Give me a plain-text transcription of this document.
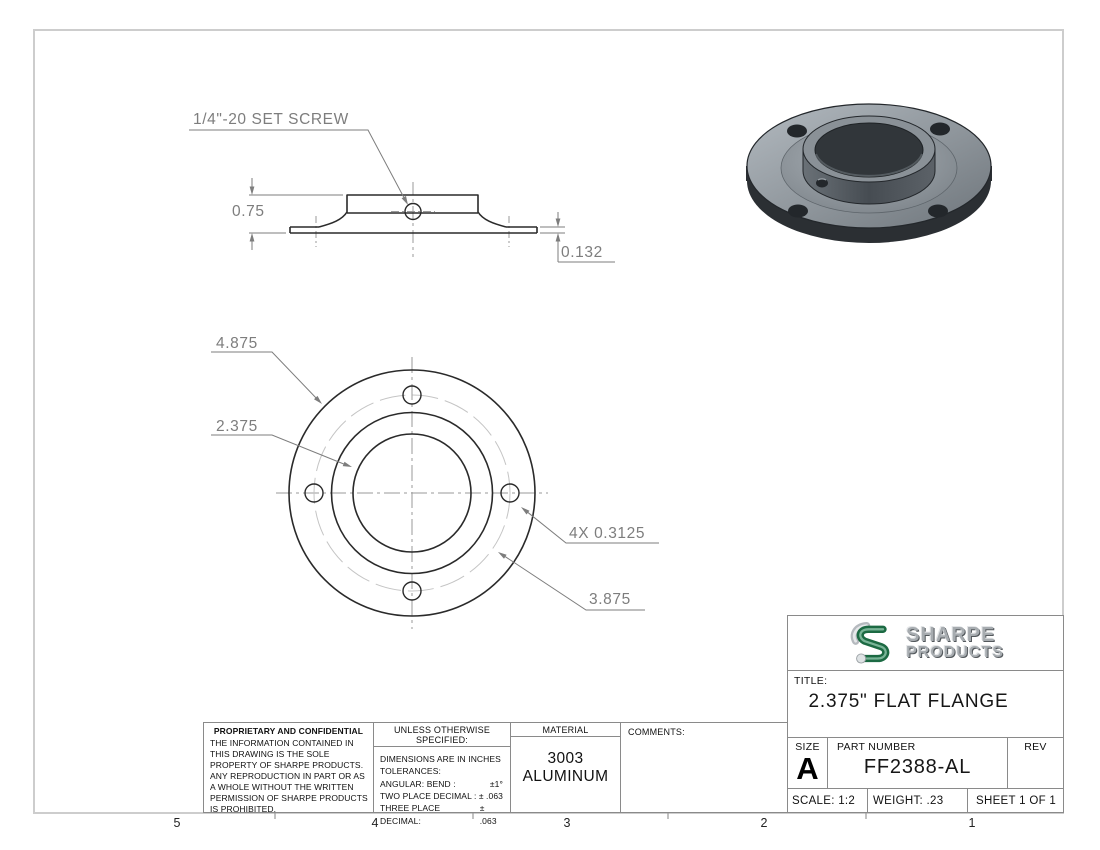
1/4"-20 SET SCREW
0.75
0.132
4.875
2.375
4X 0.3125
3.875
5	4	3	2	1
PROPRIETARY AND CONFIDENTIAL
THE INFORMATION CONTAINED IN THIS DRAWING IS THE SOLE PROPERTY OF SHARPE PRODUCTS. ANY REPRODUCTION IN PART OR AS A WHOLE WITHOUT THE WRITTEN PERMISSION OF SHARPE PRODUCTS IS PROHIBITED.
UNLESS OTHERWISE SPECIFIED:
DIMENSIONS ARE IN INCHES
TOLERANCES:
ANGULAR: BEND :	±1°
TWO PLACE DECIMAL : ± .063
THREE PLACE DECIMAL:
± .063
MATERIAL
3003
ALUMINUM
COMMENTS:
SHARPE
PRODUCTS
TITLE:
2.375" FLAT FLANGE
SIZE
A
PART NUMBER
FF2388-AL
REV
SCALE: 1:2	WEIGHT: .23	SHEET 1 OF 1
